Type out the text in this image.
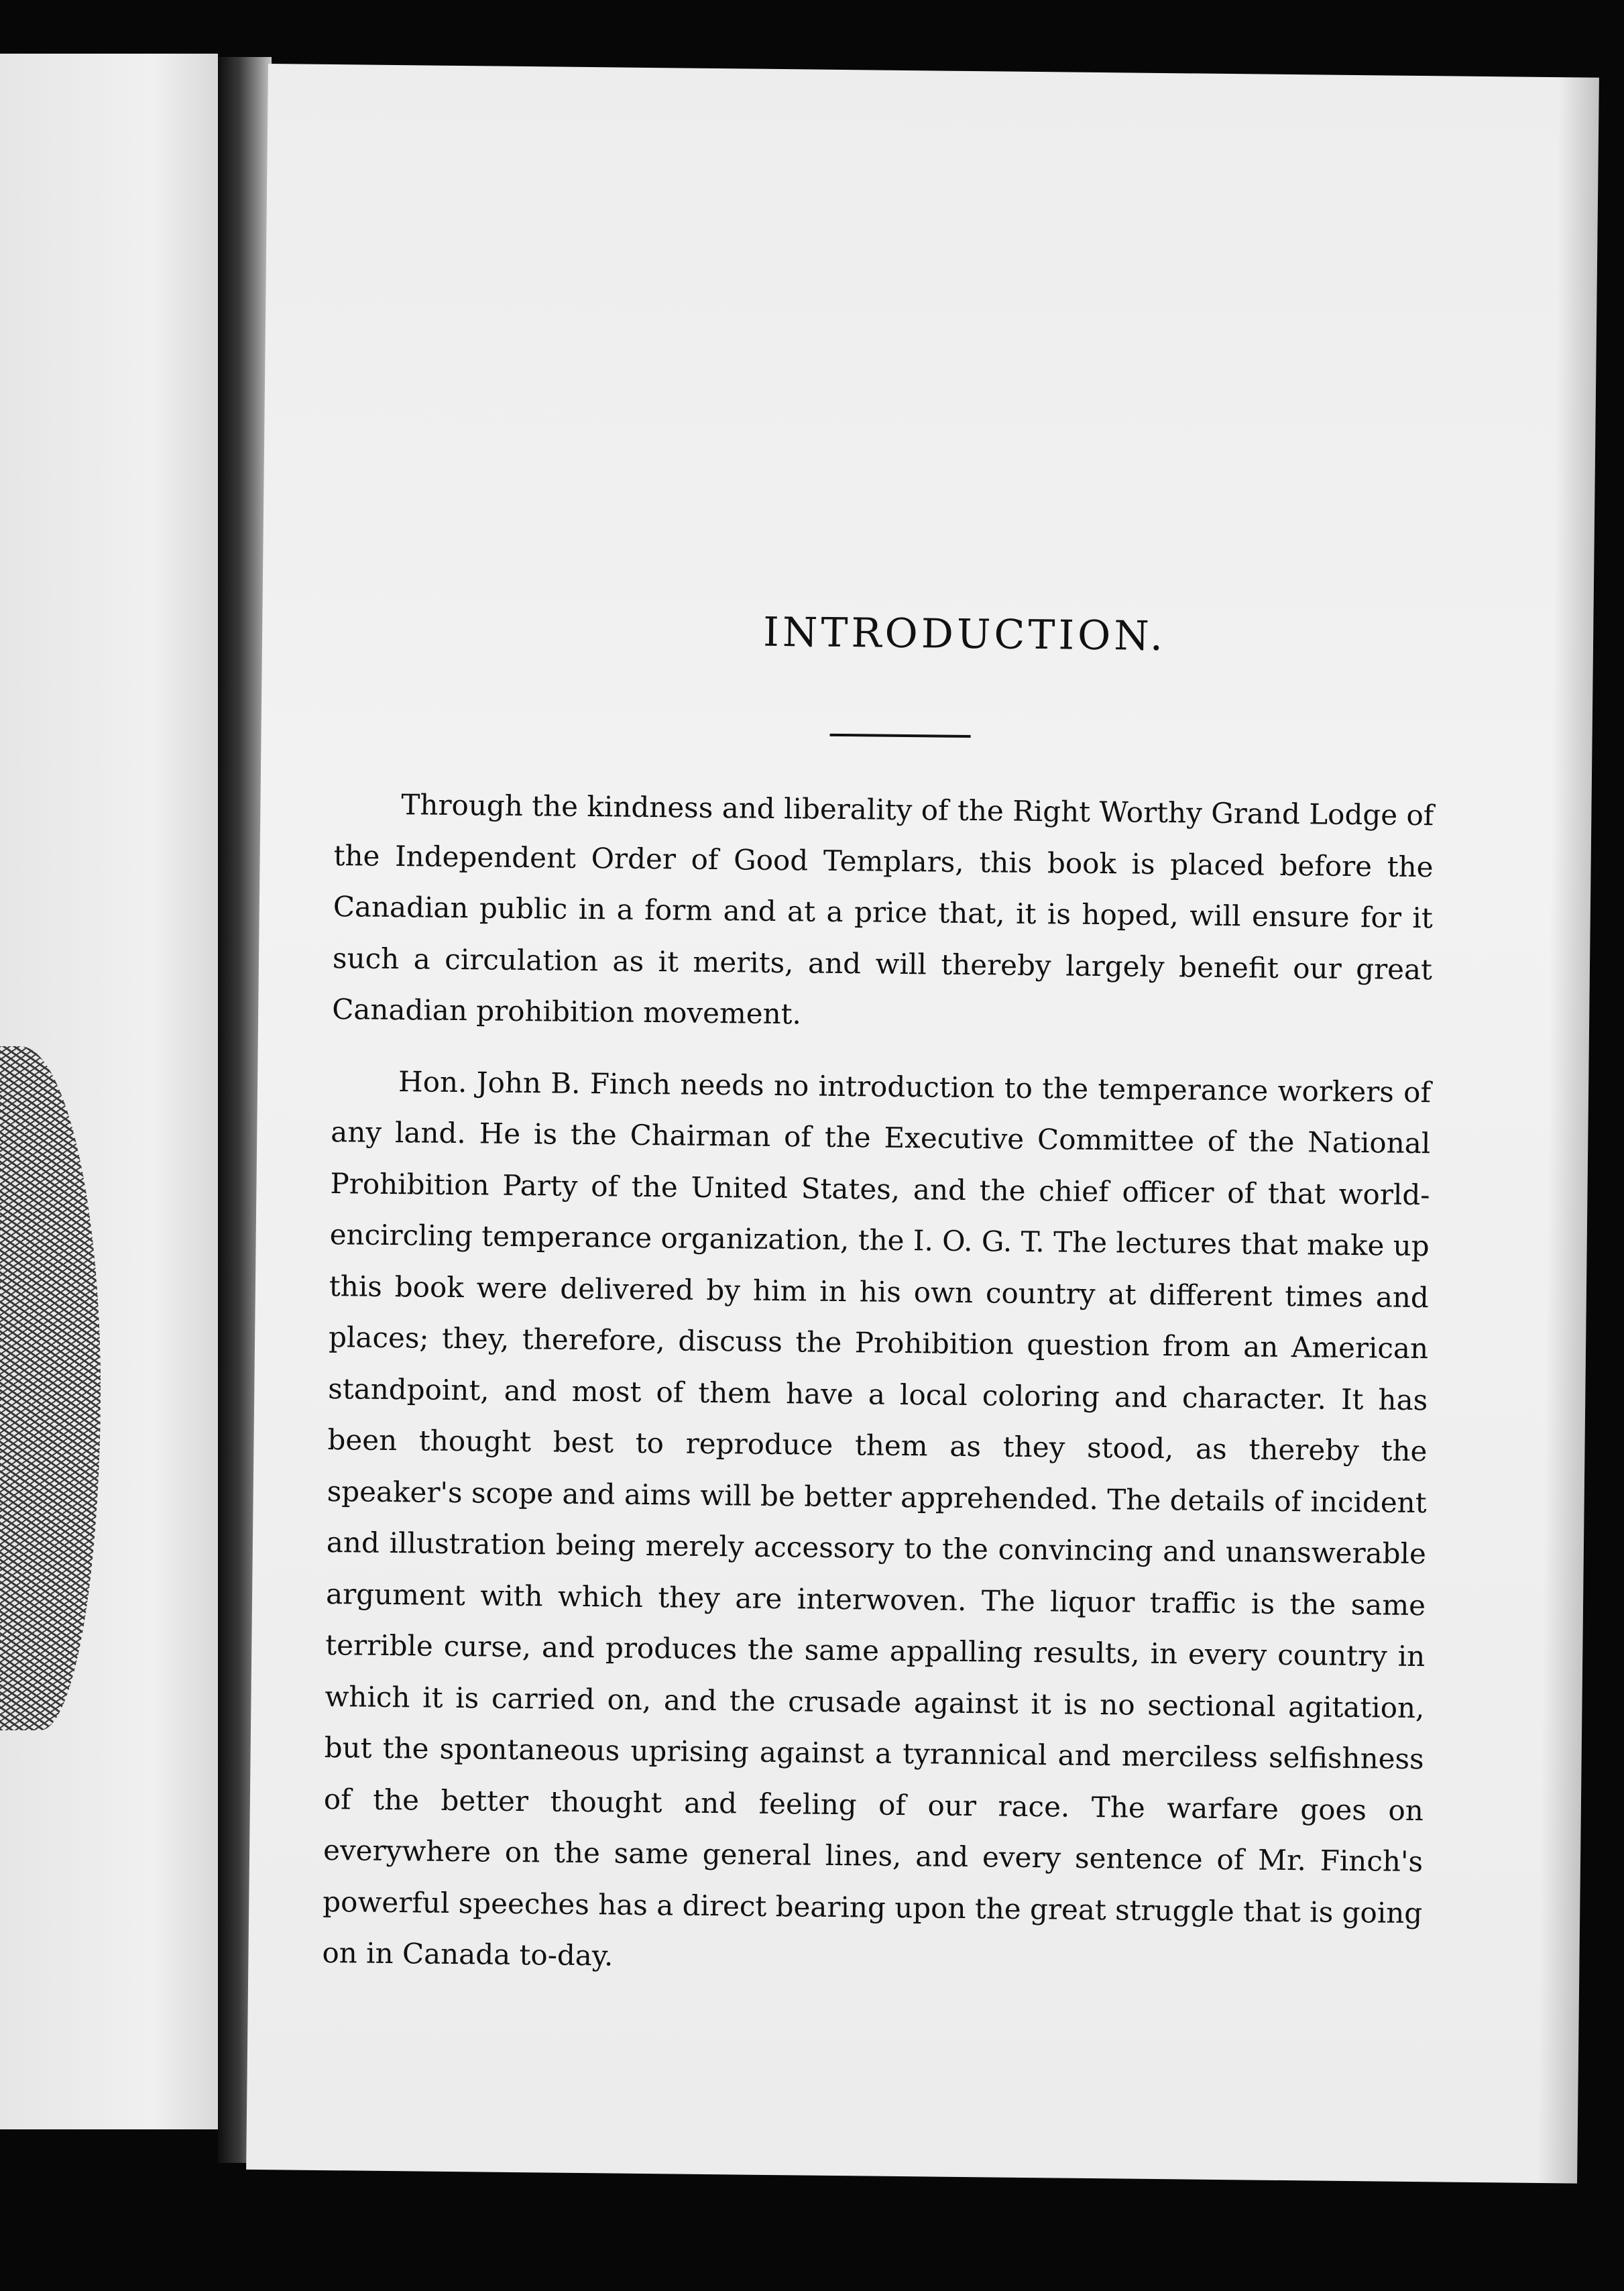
INTRODUCTION.

Through the kindness and liberality of the Right Worthy Grand Lodge of the Independent Order of Good Templars, this book is placed before the Canadian public in a form and at a price that, it is hoped, will ensure for it such a circulation as it merits, and will thereby largely benefit our great Canadian prohibition movement.

Hon. John B. Finch needs no introduction to the temperance workers of any land. He is the Chairman of the Executive Committee of the National Prohibition Party of the United States, and the chief officer of that world-encircling temperance organization, the I. O. G. T. The lectures that make up this book were delivered by him in his own country at different times and places; they, therefore, discuss the Prohibition question from an American standpoint, and most of them have a local coloring and character. It has been thought best to reproduce them as they stood, as thereby the speaker's scope and aims will be better apprehended. The details of incident and illustration being merely accessory to the convincing and unanswerable argument with which they are interwoven. The liquor traffic is the same terrible curse, and produces the same appalling results, in every country in which it is carried on, and the crusade against it is no sectional agitation, but the spontaneous uprising against a tyrannical and merciless selfishness of the better thought and feeling of our race. The warfare goes on everywhere on the same general lines, and every sentence of Mr. Finch's powerful speeches has a direct bearing upon the great struggle that is going on in Canada to-day.
